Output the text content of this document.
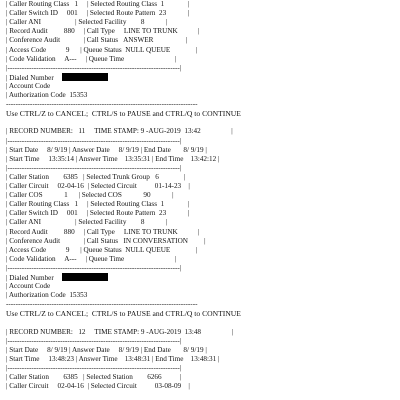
| Caller Routing Class   1     | Selected Routing Class  1             |
| Caller Switch ID     001     | Selected Route Pattern  23            |
| Caller ANI                   | Selected Facility        8            |
| Record Audit         880     | Call Type     LINE TO TRUNK           |
| Conference Audit             | Call Status   ANSWER                  |
| Access Code           9      | Queue Status  NULL QUEUE              |
| Code Validation     A---     | Queue Time                            |
|------------------------------------------------------------------------|
| Dialed Number
| Account Code
| Authorization Code  15353
--------------------------------------------------------------------------------
Use CTRL/Z to CANCEL;  CTRL/S to PAUSE and CTRL/Q to CONTINUE
| RECORD NUMBER:   11     TIME STAMP: 9 -AUG-2019  13:42                 |
|------------------------------------------------------------------------|
| Start Date     8/ 9/19 | Answer Date     8/ 9/19 | End Date       8/ 9/19 |
| Start Time     13:35:14 | Answer Time    13:35:31 | End Time    13:42:12 |
|------------------------------------------------------------------------|
| Caller Station        6385   | Selected Trunk Group   6              |
| Caller Circuit     02-04-16  | Selected Circuit          01-14-23    |
| Caller COS            1      | Selected COS            90            |
| Caller Routing Class   1     | Selected Routing Class  1             |
| Caller Switch ID     001     | Selected Route Pattern  23            |
| Caller ANI                   | Selected Facility        8            |
| Record Audit         880     | Call Type     LINE TO TRUNK           |
| Conference Audit             | Call Status   IN CONVERSATION         |
| Access Code           9      | Queue Status  NULL QUEUE              |
| Code Validation     A---     | Queue Time                            |
|------------------------------------------------------------------------|
| Dialed Number
| Account Code
| Authorization Code  15353
--------------------------------------------------------------------------------
Use CTRL/Z to CANCEL;  CTRL/S to PAUSE and CTRL/Q to CONTINUE
| RECORD NUMBER:   12     TIME STAMP: 9 -AUG-2019  13:48                 |
|------------------------------------------------------------------------|
| Start Date     8/ 9/19 | Answer Date     8/ 9/19 | End Date       8/ 9/19 |
| Start Time     13:48:23 | Answer Time    13:48:31 | End Time    13:48:31 |
|------------------------------------------------------------------------|
| Caller Station        6385   | Selected Station        6266          |
| Caller Circuit     02-04-16  | Selected Circuit          03-08-09    |
